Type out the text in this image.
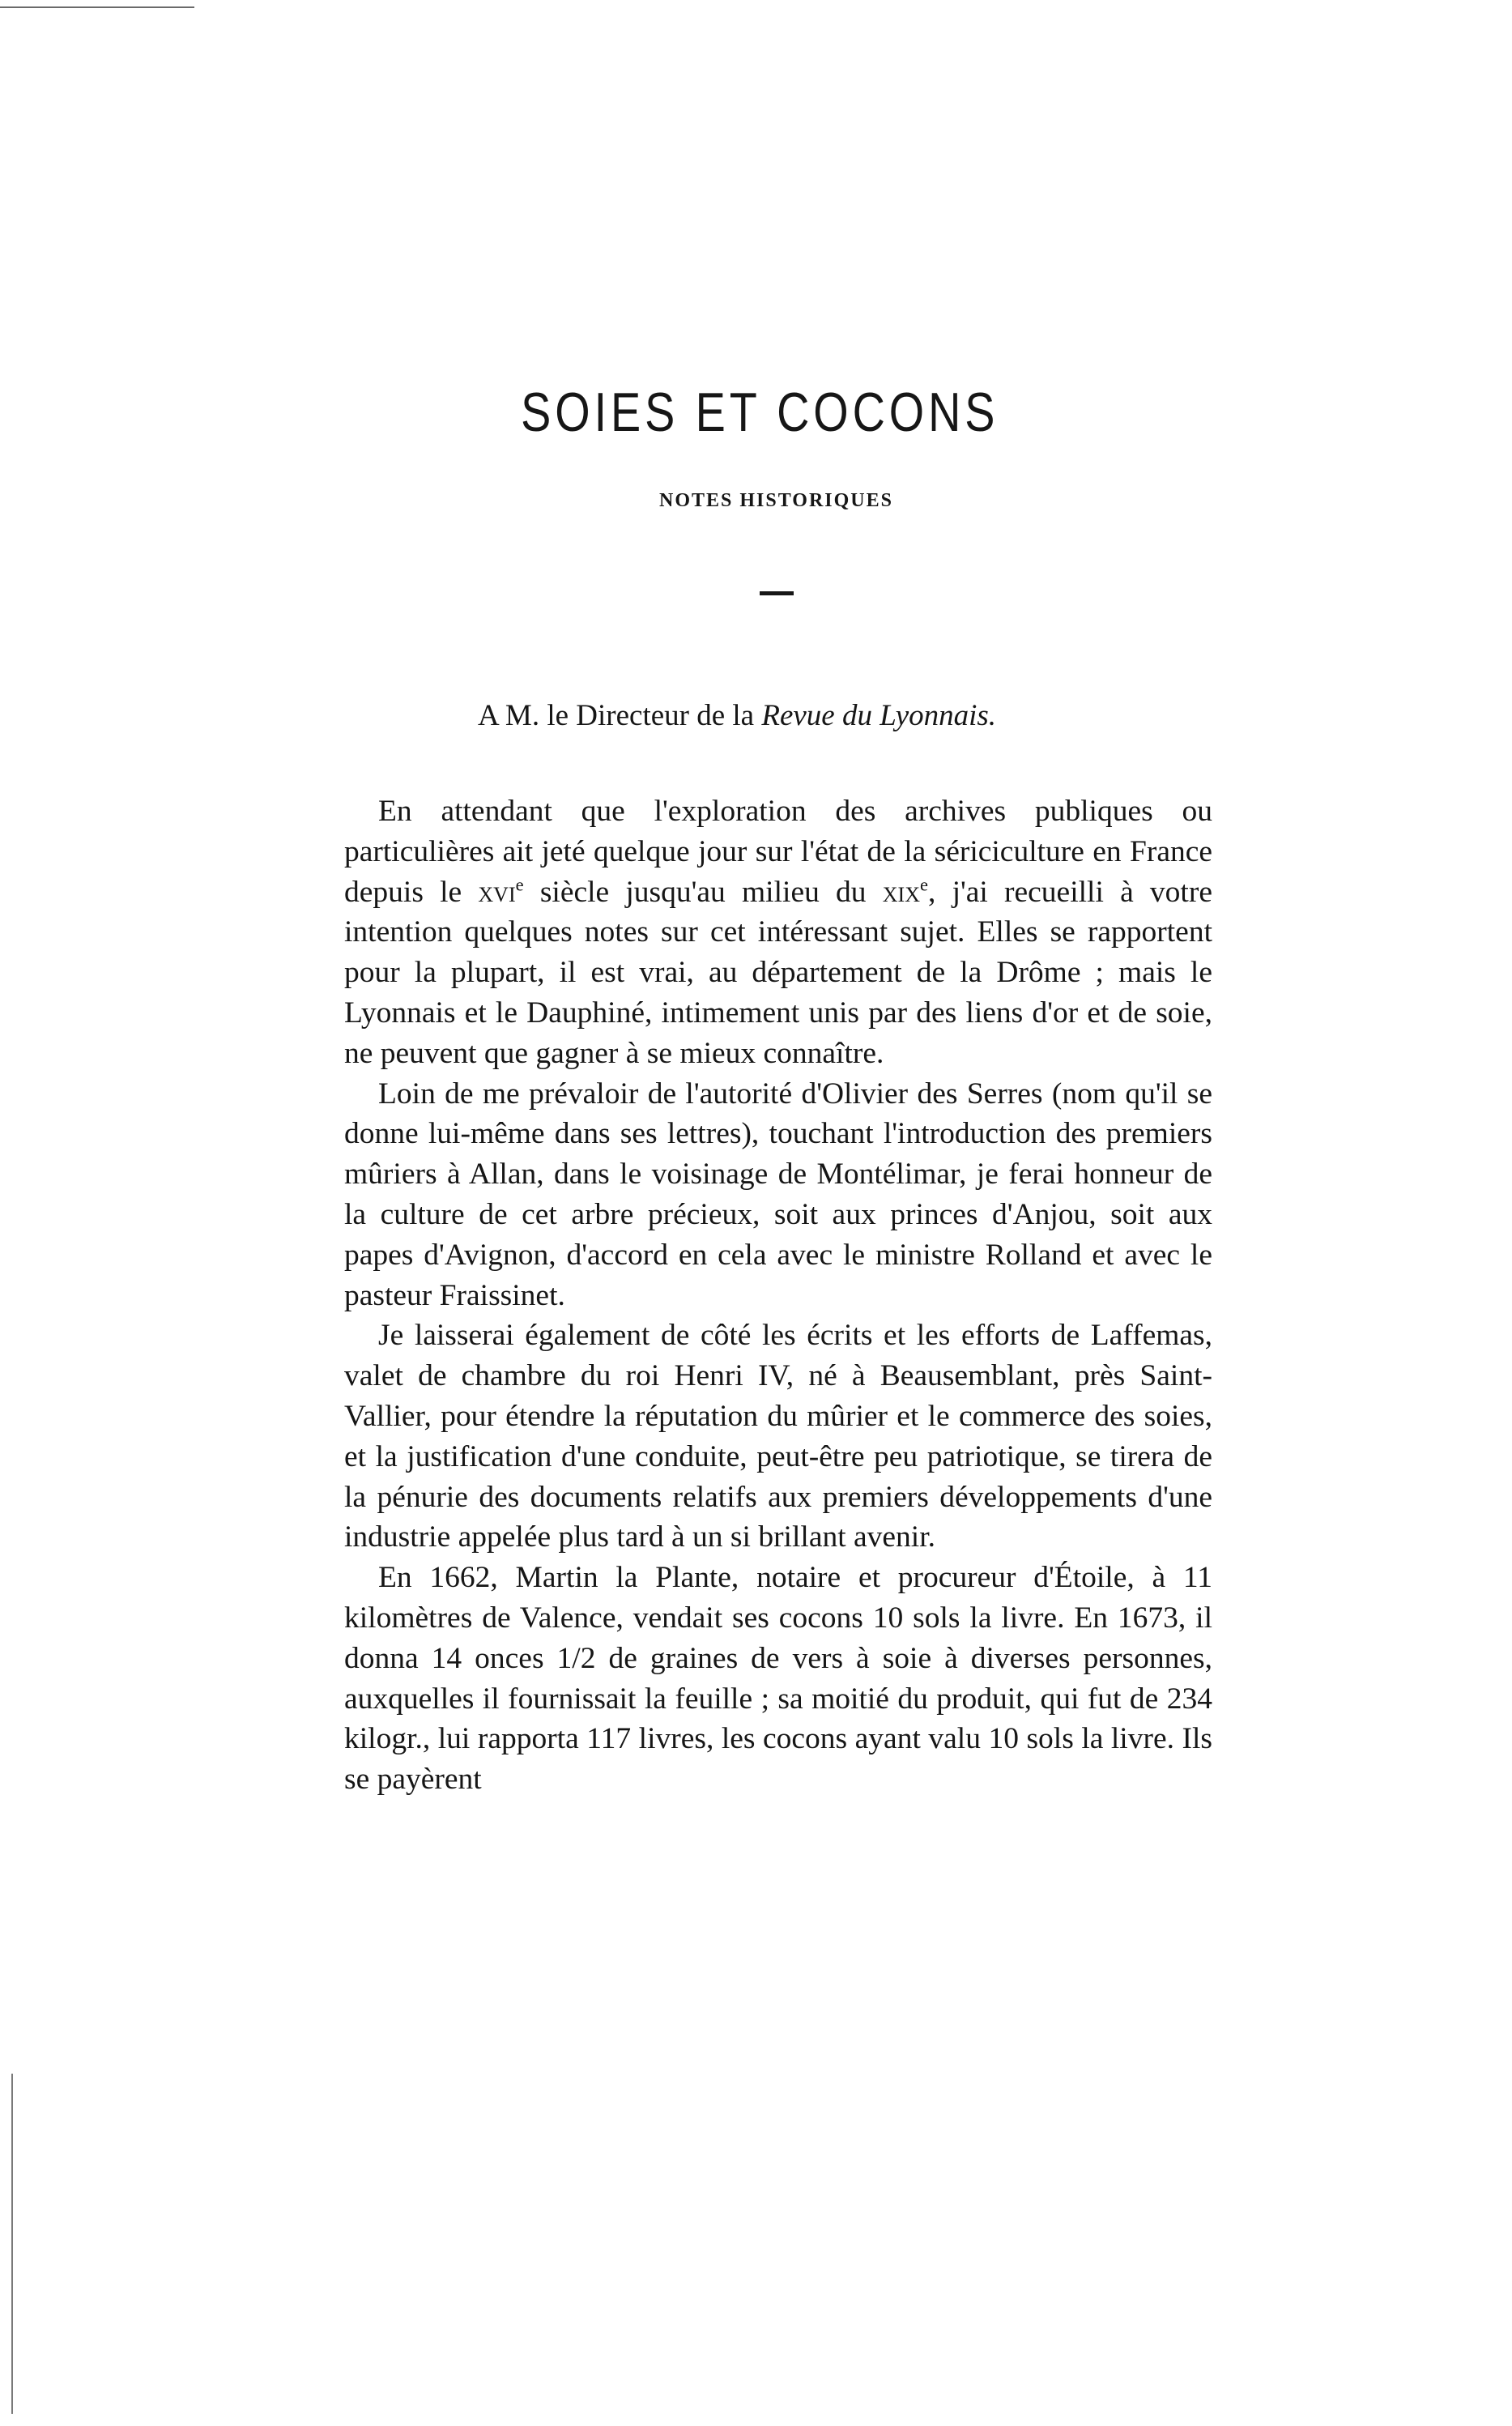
SOIES ET COCONS
NOTES HISTORIQUES

A M. le Directeur de la Revue du Lyonnais.

En attendant que l'exploration des archives publiques ou particulières ait jeté quelque jour sur l'état de la sériciculture en France depuis le xvi$^e$ siècle jusqu'au milieu du xix$^e$, j'ai recueilli à votre intention quelques notes sur cet intéressant sujet. Elles se rapportent pour la plupart, il est vrai, au département de la Drôme ; mais le Lyonnais et le Dauphiné, intimement unis par des liens d'or et de soie, ne peuvent que gagner à se mieux connaître.

Loin de me prévaloir de l'autorité d'Olivier des Serres (nom qu'il se donne lui-même dans ses lettres), touchant l'introduction des premiers mûriers à Allan, dans le voisinage de Montélimar, je ferai honneur de la culture de cet arbre précieux, soit aux princes d'Anjou, soit aux papes d'Avignon, d'accord en cela avec le ministre Rolland et avec le pasteur Fraissinet.

Je laisserai également de côté les écrits et les efforts de Laffemas, valet de chambre du roi Henri IV, né à Beausemblant, près Saint-Vallier, pour étendre la réputation du mûrier et le commerce des soies, et la justification d'une conduite, peut-être peu patriotique, se tirera de la pénurie des documents relatifs aux premiers développements d'une industrie appelée plus tard à un si brillant avenir.

En 1662, Martin la Plante, notaire et procureur d'Étoile, à 11 kilomètres de Valence, vendait ses cocons 10 sols la livre. En 1673, il donna 14 onces 1/2 de graines de vers à soie à diverses personnes, auxquelles il fournissait la feuille ; sa moitié du produit, qui fut de 234 kilogr., lui rapporta 117 livres, les cocons ayant valu 10 sols la livre. Ils se payèrent
